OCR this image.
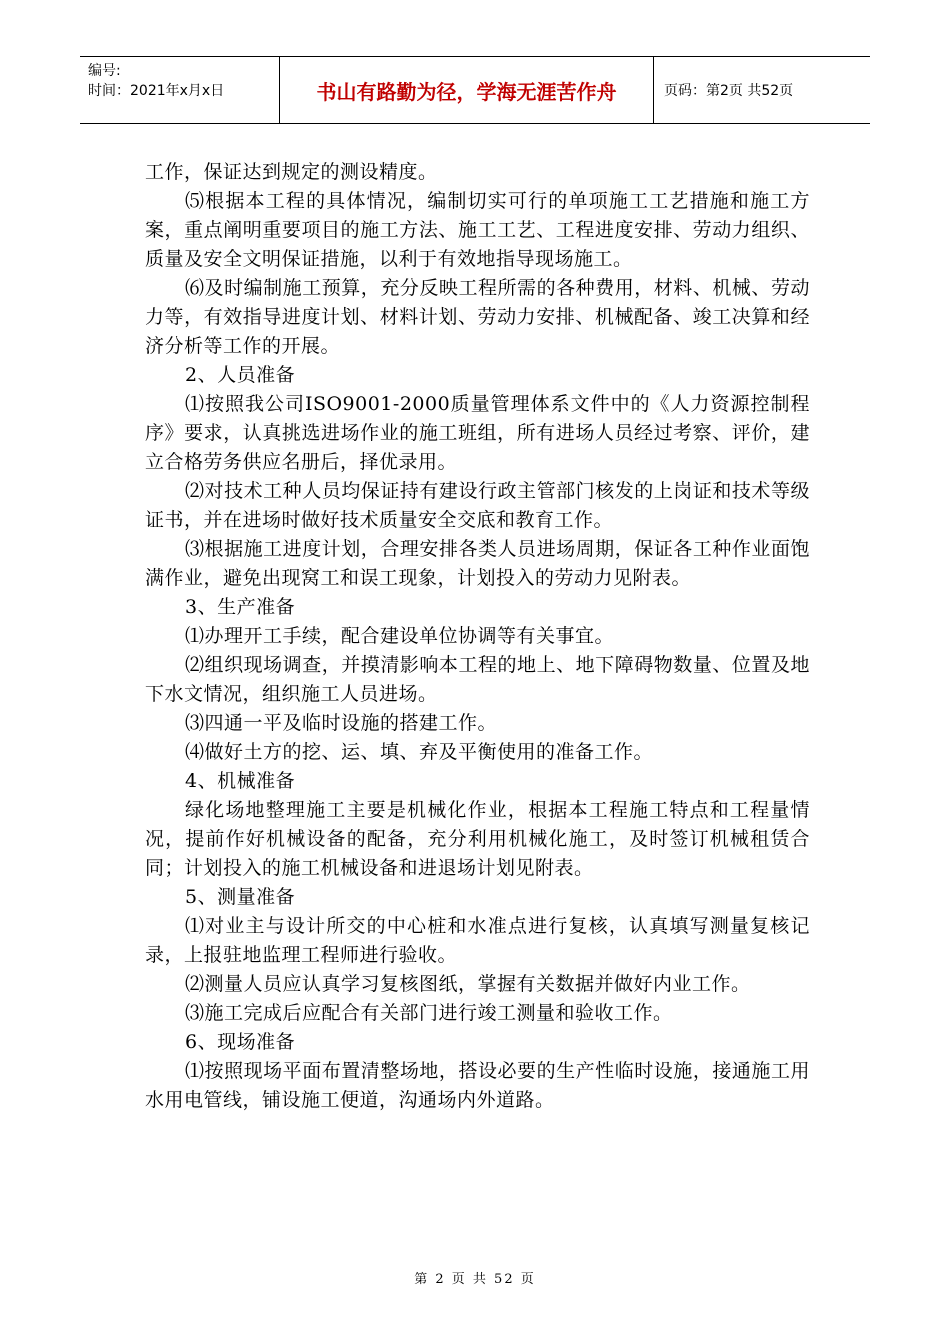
编号:
时间：2021年x月x日	书山有路勤为径，学海无涯苦作舟	页码：第2页 共52页

工作，保证达到规定的测设精度。

⑸根据本工程的具体情况，编制切实可行的单项施工工艺措施和施工方案，重点阐明重要项目的施工方法、施工工艺、工程进度安排、劳动力组织、质量及安全文明保证措施，以利于有效地指导现场施工。

⑹及时编制施工预算，充分反映工程所需的各种费用，材料、机械、劳动力等，有效指导进度计划、材料计划、劳动力安排、机械配备、竣工决算和经济分析等工作的开展。

2、人员准备

⑴按照我公司ISO9001-2000质量管理体系文件中的《人力资源控制程序》要求，认真挑选进场作业的施工班组，所有进场人员经过考察、评价，建立合格劳务供应名册后，择优录用。

⑵对技术工种人员均保证持有建设行政主管部门核发的上岗证和技术等级证书，并在进场时做好技术质量安全交底和教育工作。

⑶根据施工进度计划，合理安排各类人员进场周期，保证各工种作业面饱满作业，避免出现窝工和误工现象，计划投入的劳动力见附表。

3、生产准备

⑴办理开工手续，配合建设单位协调等有关事宜。

⑵组织现场调查，并摸清影响本工程的地上、地下障碍物数量、位置及地下水文情况，组织施工人员进场。

⑶四通一平及临时设施的搭建工作。

⑷做好土方的挖、运、填、弃及平衡使用的准备工作。

4、机械准备

绿化场地整理施工主要是机械化作业，根据本工程施工特点和工程量情况，提前作好机械设备的配备，充分利用机械化施工，及时签订机械租赁合同；计划投入的施工机械设备和进退场计划见附表。

5、测量准备

⑴对业主与设计所交的中心桩和水准点进行复核，认真填写测量复核记录，上报驻地监理工程师进行验收。

⑵测量人员应认真学习复核图纸，掌握有关数据并做好内业工作。

⑶施工完成后应配合有关部门进行竣工测量和验收工作。

6、现场准备

⑴按照现场平面布置清整场地，搭设必要的生产性临时设施，接通施工用水用电管线，铺设施工便道，沟通场内外道路。

第 2 页 共 52 页
